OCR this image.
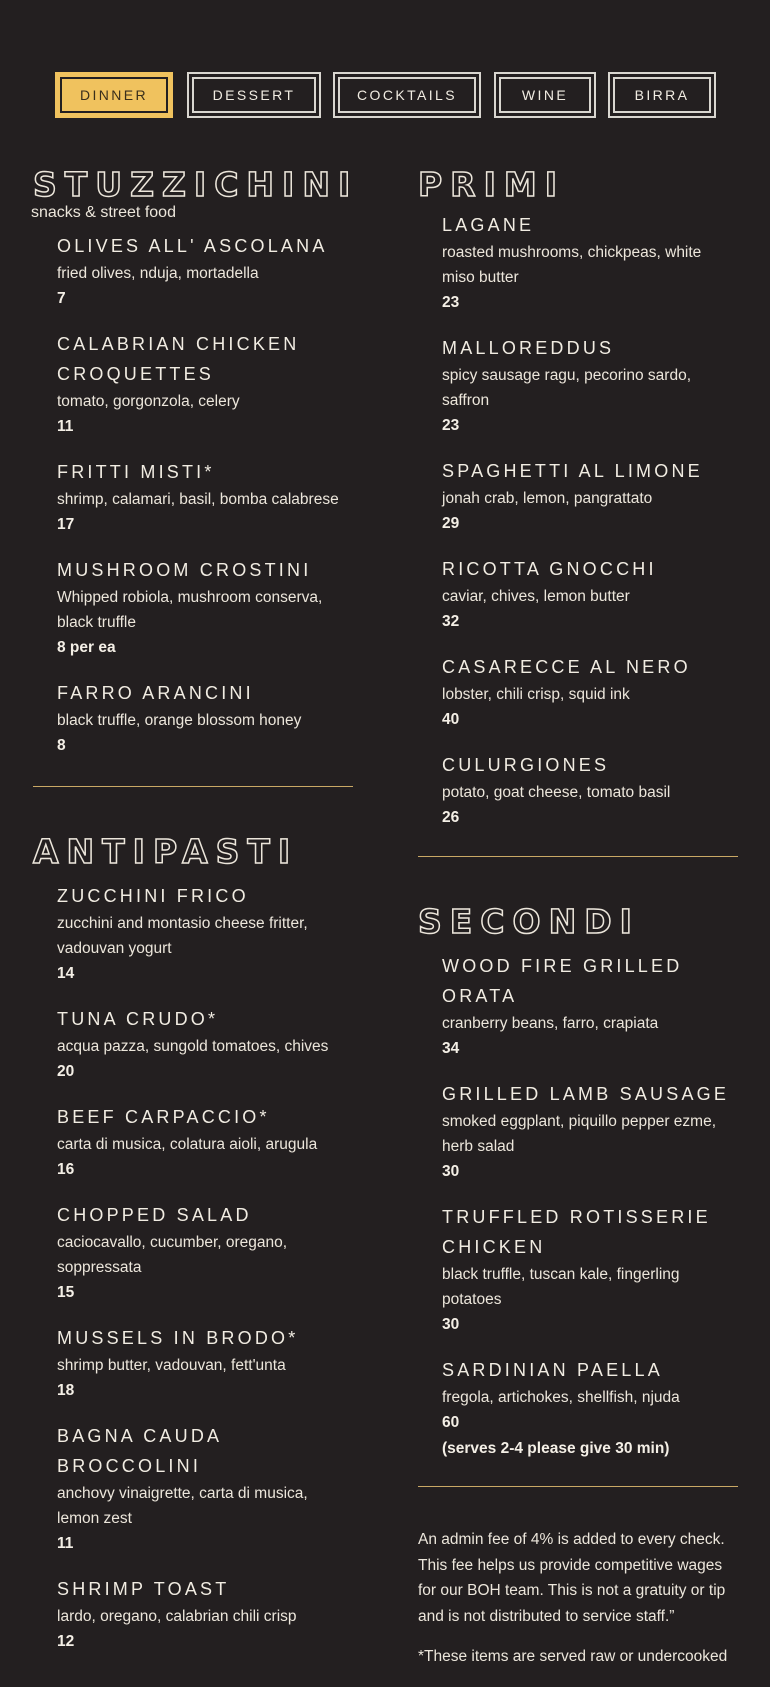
DINNER	DESSERT	COCKTAILS	WINE	BIRRA
STUZZICHINI
snacks & street food
OLIVES ALL' ASCOLANA
fried olives, nduja, mortadella
7
CALABRIAN CHICKEN CROQUETTES
tomato, gorgonzola, celery
11
FRITTI MISTI*
shrimp, calamari, basil, bomba calabrese
17
MUSHROOM CROSTINI
Whipped robiola, mushroom conserva, black truffle
8 per ea
FARRO ARANCINI
black truffle, orange blossom honey
8
ANTIPASTI
ZUCCHINI FRICO
zucchini and montasio cheese fritter, vadouvan yogurt
14
TUNA CRUDO*
acqua pazza, sungold tomatoes, chives
20
BEEF CARPACCIO*
carta di musica, colatura aioli, arugula
16
CHOPPED SALAD
caciocavallo, cucumber, oregano, soppressata
15
MUSSELS IN BRODO*
shrimp butter, vadouvan, fett'unta
18
BAGNA CAUDA BROCCOLINI
anchovy vinaigrette, carta di musica, lemon zest
11
SHRIMP TOAST
lardo, oregano, calabrian chili crisp
12
PRIMI
LAGANE
roasted mushrooms, chickpeas, white miso butter
23
MALLOREDDUS
spicy sausage ragu, pecorino sardo, saffron
23
SPAGHETTI AL LIMONE
jonah crab, lemon, pangrattato
29
RICOTTA GNOCCHI
caviar, chives, lemon butter
32
CASARECCE AL NERO
lobster, chili crisp, squid ink
40
CULURGIONES
potato, goat cheese, tomato basil
26
SECONDI
WOOD FIRE GRILLED ORATA
cranberry beans, farro, crapiata
34
GRILLED LAMB SAUSAGE
smoked eggplant, piquillo pepper ezme, herb salad
30
TRUFFLED ROTISSERIE CHICKEN
black truffle, tuscan kale, fingerling potatoes
30
SARDINIAN PAELLA
fregola, artichokes, shellfish, njuda
60
(serves 2-4 please give 30 min)

An admin fee of 4% is added to every check. This fee helps us provide competitive wages for our BOH team. This is not a gratuity or tip and is not distributed to service staff.”

*These items are served raw or undercooked
